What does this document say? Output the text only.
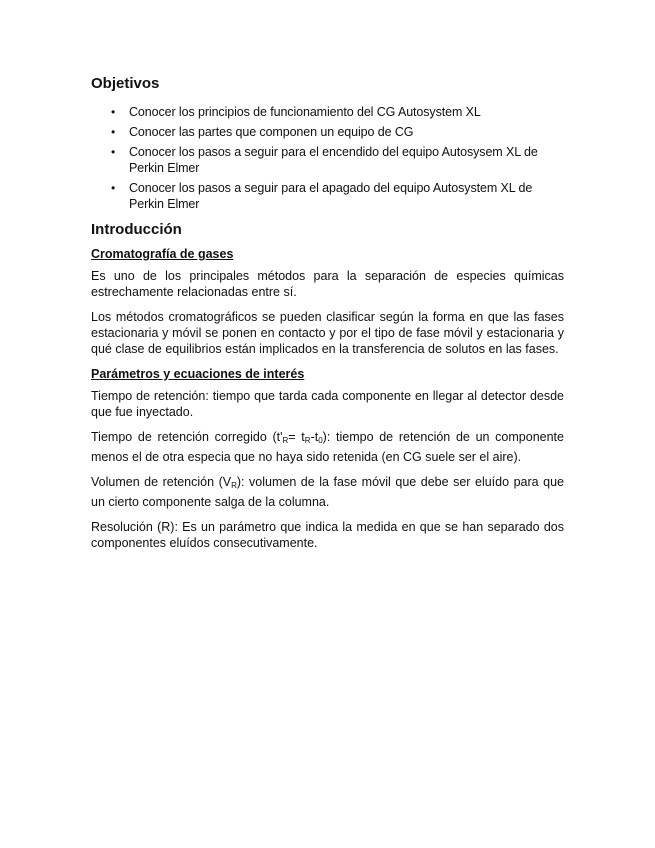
Objetivos
• Conocer los principios de funcionamiento del CG Autosystem XL
• Conocer las partes que componen un equipo de CG
• Conocer los pasos a seguir para el encendido del equipo Autosysem XL de Perkin Elmer
• Conocer los pasos a seguir para el apagado del equipo Autosystem XL de Perkin Elmer
Introducción
Cromatografía de gases

Es uno de los principales métodos para la separación de especies químicas estrechamente relacionadas entre sí.

Los métodos cromatográficos se pueden clasificar según la forma en que las fases estacionaria y móvil se ponen en contacto y por el tipo de fase móvil y estacionaria y qué clase de equilibrios están implicados en la transferencia de solutos en las fases.

Parámetros y ecuaciones de interés

Tiempo de retención: tiempo que tarda cada componente en llegar al detector desde que fue inyectado.

Tiempo de retención corregido $(t'_R= t_R-t_0)$: tiempo de retención de un componente menos el de otra especia que no haya sido retenida (en CG suele ser el aire).

Volumen de retención $(V_R)$: volumen de la fase móvil que debe ser eluído para que un cierto componente salga de la columna.

Resolución (R): Es un parámetro que indica la medida en que se han separado dos componentes eluídos consecutivamente.
